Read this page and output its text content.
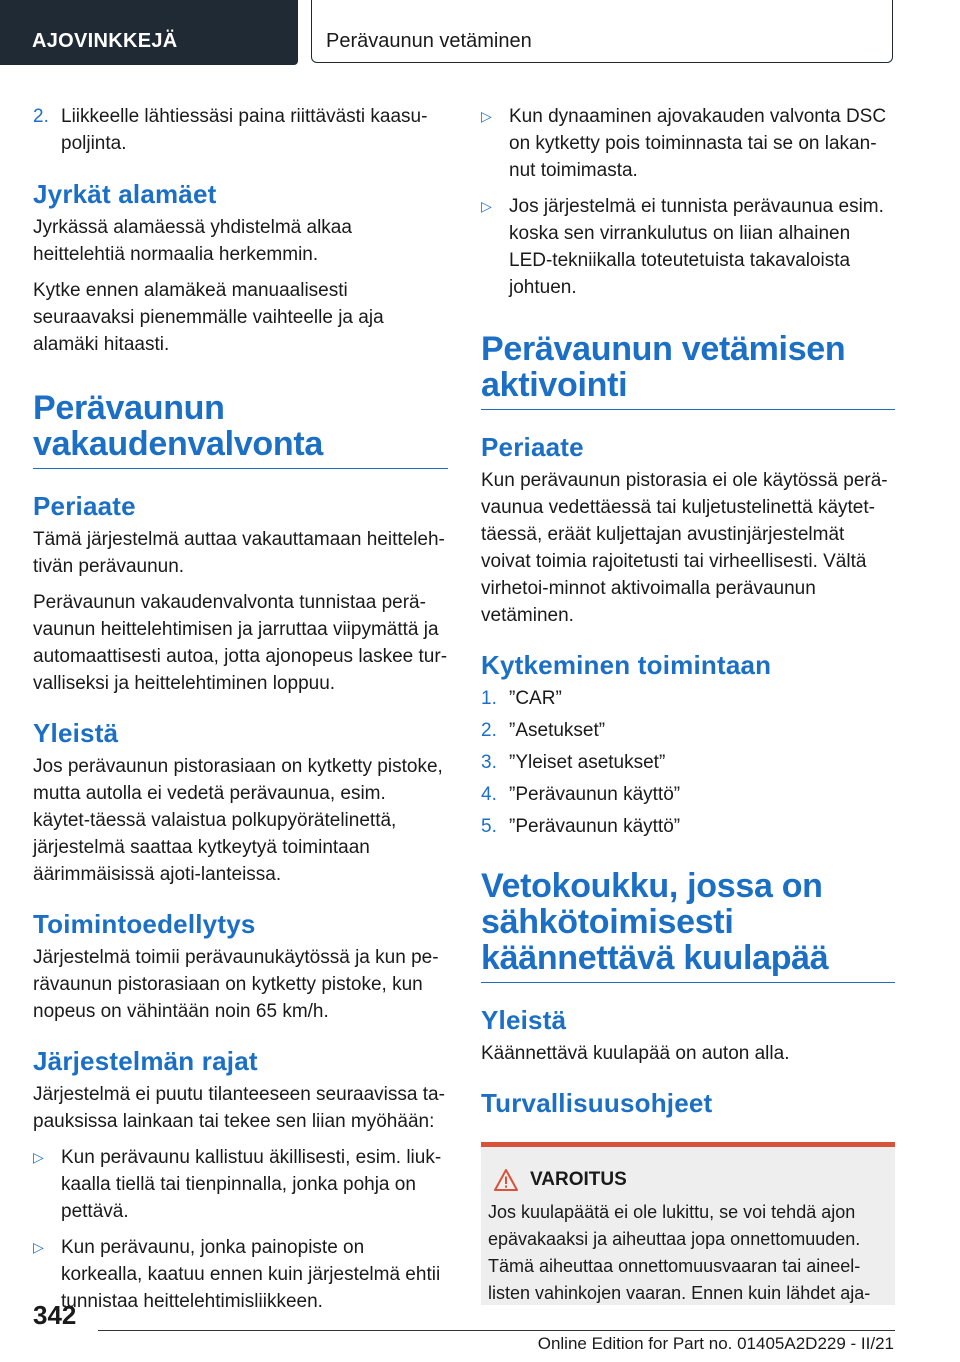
AJOVINKKEJÄ	Perävaunun vetäminen
2. Liikkeelle lähtiessäsi paina riittävästi kaasu-poljinta.
Jyrkät alamäet

Jyrkässä alamäessä yhdistelmä alkaa heittelehtiä normaalia herkemmin.

Kytke ennen alamäkeä manuaalisesti seuraavaksi pienemmälle vaihteelle ja aja alamäki hitaasti.

Perävaunun vakaudenvalvonta
Periaate

Tämä järjestelmä auttaa vakauttamaan heitteleh-tivän perävaunun.

Perävaunun vakaudenvalvonta tunnistaa perä-vaunun heittelehtimisen ja jarruttaa viipymättä ja automaattisesti autoa, jotta ajonopeus laskee tur-valliseksi ja heittelehtiminen loppuu.

Yleistä

Jos perävaunun pistorasiaan on kytketty pistoke, mutta autolla ei vedetä perävaunua, esim. käytet-täessä valaistua polkupyörätelinettä, järjestelmä saattaa kytkeytyä toimintaan äärimmäisissä ajoti-lanteissa.

Toimintoedellytys

Järjestelmä toimii perävaunukäytössä ja kun pe-rävaunun pistorasiaan on kytketty pistoke, kun nopeus on vähintään noin 65 km/h.

Järjestelmän rajat

Järjestelmä ei puutu tilanteeseen seuraavissa ta-pauksissa lainkaan tai tekee sen liian myöhään:

▷ Kun perävaunu kallistuu äkillisesti, esim. liuk-kaalla tiellä tai tienpinnalla, jonka pohja on pettävä.
▷ Kun perävaunu, jonka painopiste on korkealla, kaatuu ennen kuin järjestelmä ehtii tunnistaa heittelehtimisliikkeen.
▷ Kun dynaaminen ajovakauden valvonta DSC on kytketty pois toiminnasta tai se on lakan-nut toimimasta.
▷ Jos järjestelmä ei tunnista perävaunua esim. koska sen virrankulutus on liian alhainen LED-tekniikalla toteutetuista takavaloista johtuen.
Perävaunun vetämisen aktivointi
Periaate

Kun perävaunun pistorasia ei ole käytössä perä-vaunua vedettäessä tai kuljetustelinettä käytet-täessä, eräät kuljettajan avustinjärjestelmät voivat toimia rajoitetusti tai virheellisesti. Vältä virhetoi-minnot aktivoimalla perävaunun vetäminen.

Kytkeminen toimintaan
1. ”CAR”
2. ”Asetukset”
3. ”Yleiset asetukset”
4. ”Perävaunun käyttö”
5. ”Perävaunun käyttö”
Vetokoukku, jossa on sähkötoimisesti käännettävä kuulapää
Yleistä

Käännettävä kuulapää on auton alla.

Turvallisuusohjeet
VAROITUS

Jos kuulapäätä ei ole lukittu, se voi tehdä ajon epävakaaksi ja aiheuttaa jopa onnettomuuden. Tämä aiheuttaa onnettomuusvaaran tai aineel-listen vahinkojen vaaran. Ennen kuin lähdet aja-

342
Online Edition for Part no. 01405A2D229 - II/21
